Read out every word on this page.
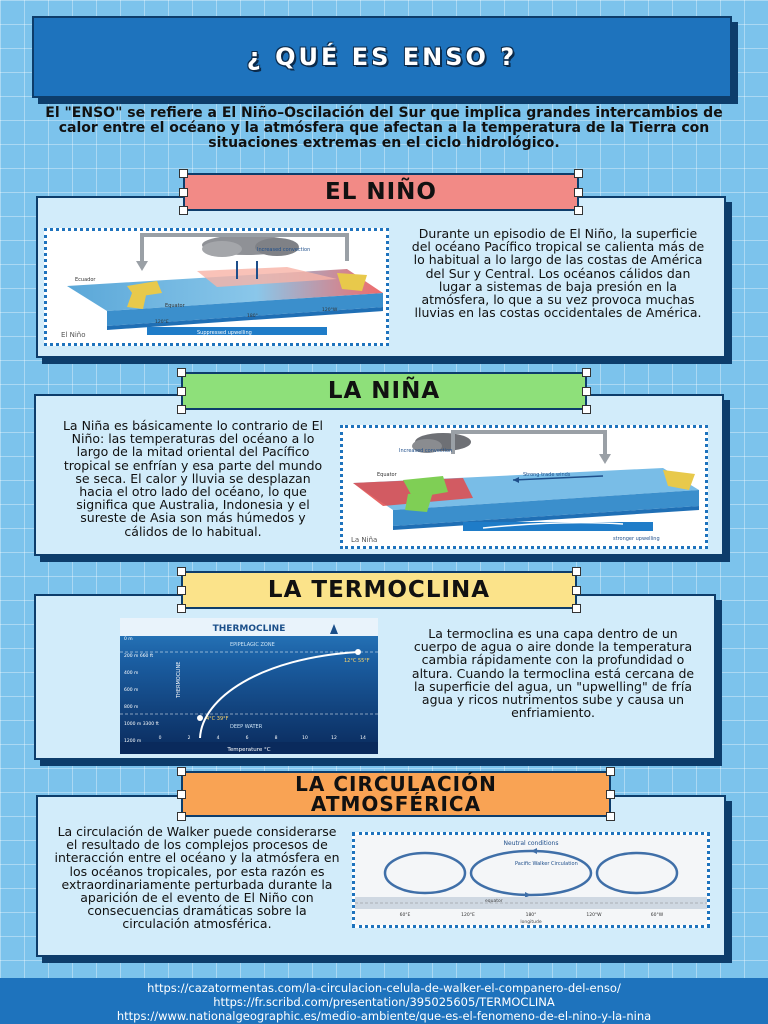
¿ QUÉ ES ENSO ?
El "ENSO" se refiere a El Niño–Oscilación del Sur que implica grandes intercambios de calor entre el océano y la atmósfera que afectan a la temperatura de la Tierra con situaciones extremas en el ciclo hidrológico.
Increased convection
Ecuador
Equator
Suppressed upwelling
120°E
180°
120°W
El Niño
Durante un episodio de El Niño, la superficie del océano Pacífico tropical se calienta más de lo habitual a lo largo de las costas de América del Sur y Central. Los océanos cálidos dan lugar a sistemas de baja presión en la atmósfera, lo que a su vez provoca muchas lluvias en las costas occidentales de América.
EL NIÑO
La Niña es básicamente lo contrario de El Niño: las temperaturas del océano a lo largo de la mitad oriental del Pacífico tropical se enfrían y esa parte del mundo se seca. El calor y lluvia se desplazan hacia el otro lado del océano, lo que significa que Australia, Indonesia y el sureste de Asia son más húmedos y cálidos de lo habitual.
Increased convection
Equator	Strong trade winds
stronger upwelling
La Niña
LA NIÑA
THERMOCLINE
EPIPELAGIC ZONE
DEEP WATER
THERMOCLINE
12°C 55°F
4°C 39°F
Temperature °C
0 m
200 m 660 ft
400 m
600 m
800 m
1000 m 3300 ft
1200 m
0	2	4	6	8	10	12	14
La termoclina es una capa dentro de un cuerpo de agua o aire donde la temperatura cambia rápidamente con la profundidad o altura. Cuando la termoclina está cercana de la superficie del agua, un "upwelling" de fría agua y ricos nutrimentos sube y causa un enfriamiento.
LA TERMOCLINA
La circulación de Walker puede considerarse el resultado de los complejos procesos de interacción entre el océano y la atmósfera en los océanos tropicales, por esta razón es extraordinariamente perturbada durante la aparición de el evento de El Niño con consecuencias dramáticas sobre la circulación atmosférica.
Neutral conditions
Pacific Walker Circulation
equator
longitude
60°E	120°E	180°	120°W	60°W
LA CIRCULACIÓN
ATMOSFÉRICA
https://cazatormentas.com/la-circulacion-celula-de-walker-el-companero-del-enso/
https://fr.scribd.com/presentation/395025605/TERMOCLINA
https://www.nationalgeographic.es/medio-ambiente/que-es-el-fenomeno-de-el-nino-y-la-nina
